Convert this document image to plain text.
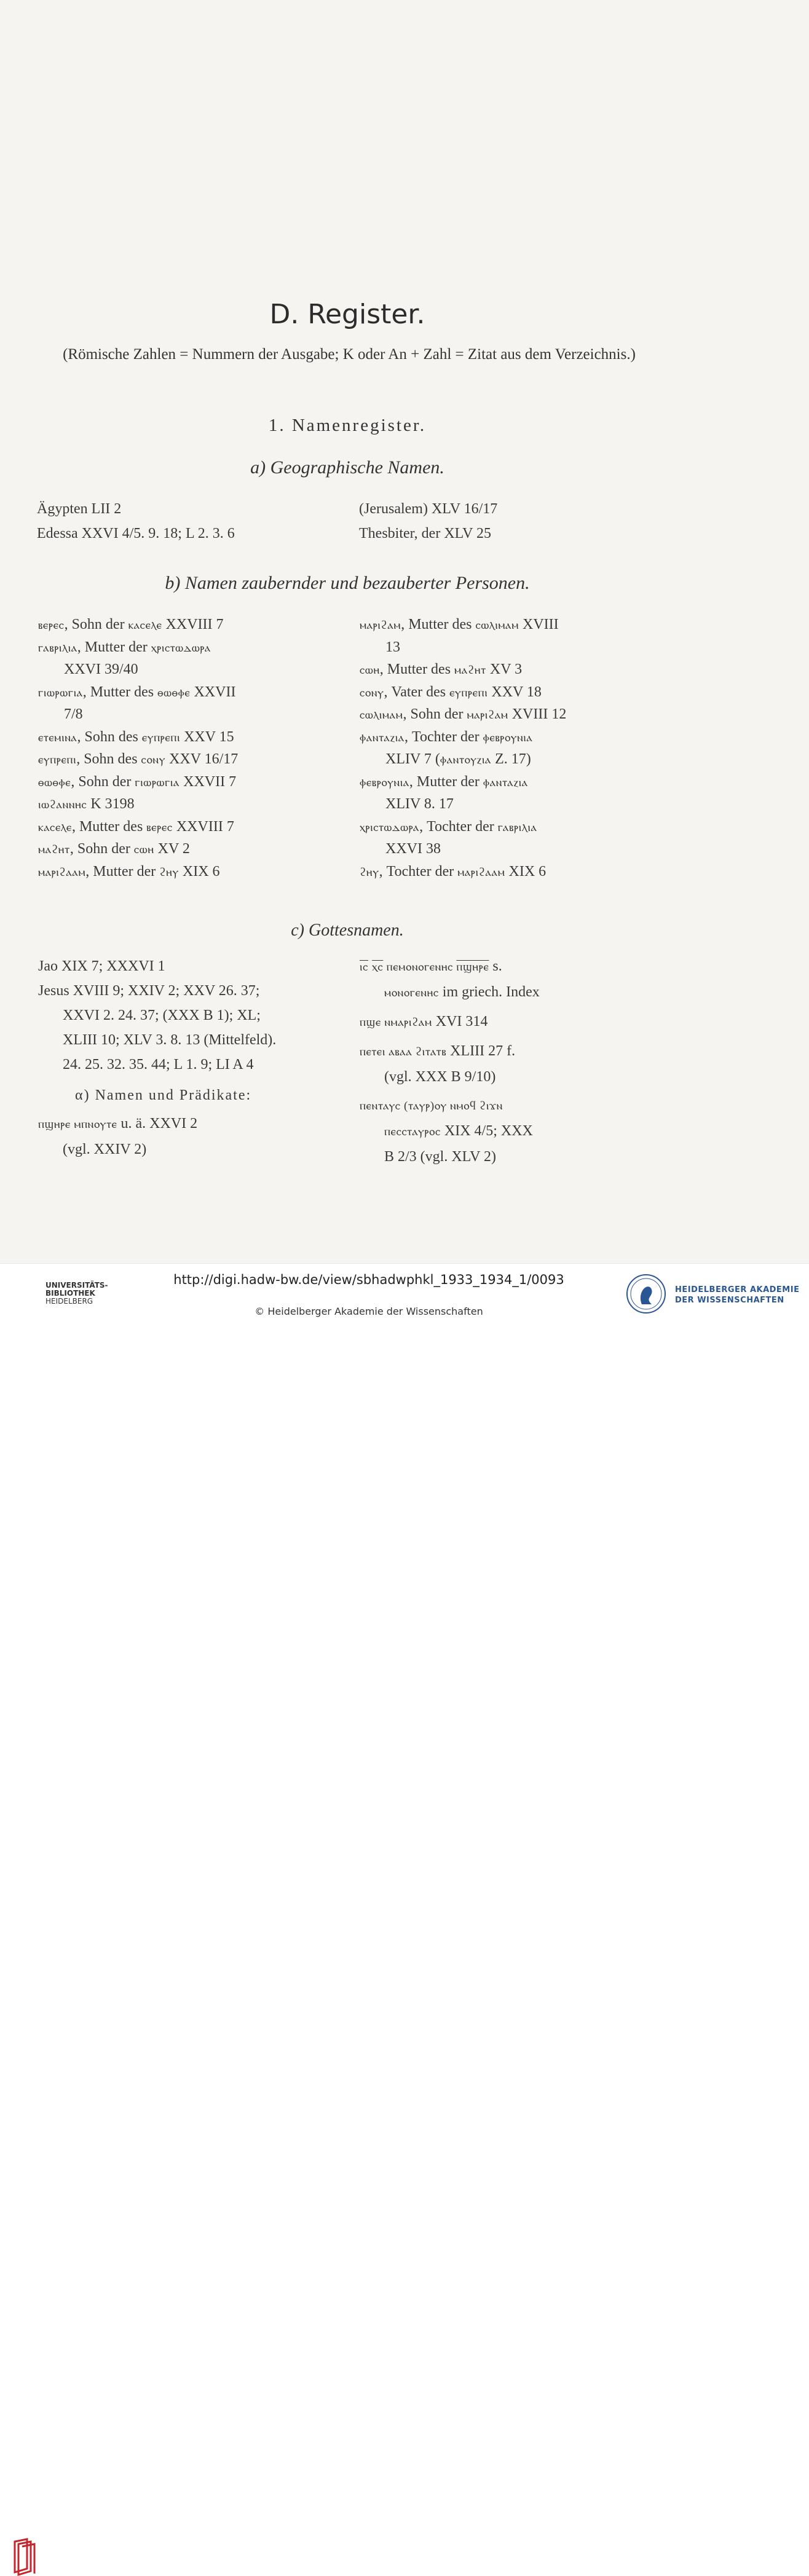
D. Register.
(Römische Zahlen = Nummern der Ausgabe; K oder An + Zahl = Zitat aus dem Verzeichnis.)
1. Namenregister.
a) Geographische Namen.
Ägypten LII 2
Edessa XXVI 4/5. 9. 18; L 2. 3. 6
(Jerusalem) XLV 16/17
Thesbiter, der XLV 25
b) Namen zaubernder und bezauberter Personen.
ⲃⲉⲣⲉⲥ, Sohn der ⲕⲁⲥⲉⲗⲉ XXVIII 7
ⲅⲁⲃⲣⲓⲗⲓⲁ, Mutter der ⲭⲣⲓⲥⲧⲱⲇⲱⲣⲁ
XXVI 39/40
ⲅⲓⲱⲣⲱⲅⲓⲁ, Mutter des ⲑⲱⲑⲫⲉ XXVII
7/8
ⲉⲧⲉⲙⲓⲛⲁ, Sohn des ⲉⲩⲡⲣⲉⲡⲓ XXV 15
ⲉⲩⲡⲣⲉⲡⲓ, Sohn des ⲥⲟⲛⲩ XXV 16/17
ⲑⲱⲑⲫⲉ, Sohn der ⲅⲓⲱⲣⲱⲅⲓⲁ XXVII 7
ⲓⲱϩⲁⲛⲛⲏⲥ K 3198
ⲕⲁⲥⲉⲗⲉ, Mutter des ⲃⲉⲣⲉⲥ XXVIII 7
ⲙⲁϩⲏⲧ, Sohn der ⲥⲱⲏ XV 2
ⲙⲁⲣⲓϩⲁⲁⲙ, Mutter der ϩⲏⲩ XIX 6
ⲙⲁⲣⲓϩⲁⲙ, Mutter des ⲥⲱⲗⲓⲙⲁⲙ XVIII
13
ⲥⲱⲏ, Mutter des ⲙⲁϩⲏⲧ XV 3
ⲥⲟⲛⲩ, Vater des ⲉⲩⲡⲣⲉⲡⲓ XXV 18
ⲥⲱⲗⲓⲙⲁⲙ, Sohn der ⲙⲁⲣⲓϩⲁⲙ XVIII 12
ⲫⲁⲛⲧⲁⲍⲓⲁ, Tochter der ⲫⲉⲃⲣⲟⲩⲛⲓⲁ
XLIV 7 (ⲫⲁⲛⲧⲟⲩⲍⲓⲁ Z. 17)
ⲫⲉⲃⲣⲟⲩⲛⲓⲁ, Mutter der ⲫⲁⲛⲧⲁⲍⲓⲁ
XLIV 8. 17
ⲭⲣⲓⲥⲧⲱⲇⲱⲣⲁ, Tochter der ⲅⲁⲃⲣⲓⲗⲓⲁ
XXVI 38
ϩⲏⲩ, Tochter der ⲙⲁⲣⲓϩⲁⲁⲙ XIX 6
c) Gottesnamen.
Jao XIX 7; XXXVI 1
Jesus XVIII 9; XXIV 2; XXV 26. 37;
XXVI 2. 24. 37; (XXX B 1); XL;
XLIII 10; XLV 3. 8. 13 (Mittelfeld).
24. 25. 32. 35. 44; L 1. 9; LI A 4
α) Namen und Prädikate:
ⲡϣⲏⲣⲉ ⲙⲡⲛⲟⲩⲧⲉ u. ä. XXVI 2
(vgl. XXIV 2)
ⲓⲥ ⲭⲥ ⲡⲉⲙⲟⲛⲟⲅⲉⲛⲏⲥ ⲡϣⲏⲣⲉ s.
ⲙⲟⲛⲟⲅⲉⲛⲏⲥ im griech. Index
ⲡϣⲉ ⲛⲙⲁⲣⲓϩⲁⲙ XVI 314
ⲡⲉⲧⲉⲓ ⲁⲃⲁⲁ ϩⲓⲧⲁⲧⲃ XLIII 27 f.
(vgl. XXX B 9/10)
ⲡⲉⲛⲧⲁⲩⲥ (ⲧⲁⲩⲣ)ⲟⲩ ⲛⲙⲟϥ ϩⲓϫⲛ
ⲡⲉⲥⲥⲧⲁⲩⲣⲟⲥ XIX 4/5; XXX
B 2/3 (vgl. XLV 2)
UNIVERSITÄTS-
BIBLIOTHEK
HEIDELBERG
http://digi.hadw-bw.de/view/sbhadwphkl_1933_1934_1/0093
© Heidelberger Akademie der Wissenschaften
HEIDELBERGER AKADEMIE
DER WISSENSCHAFTEN
